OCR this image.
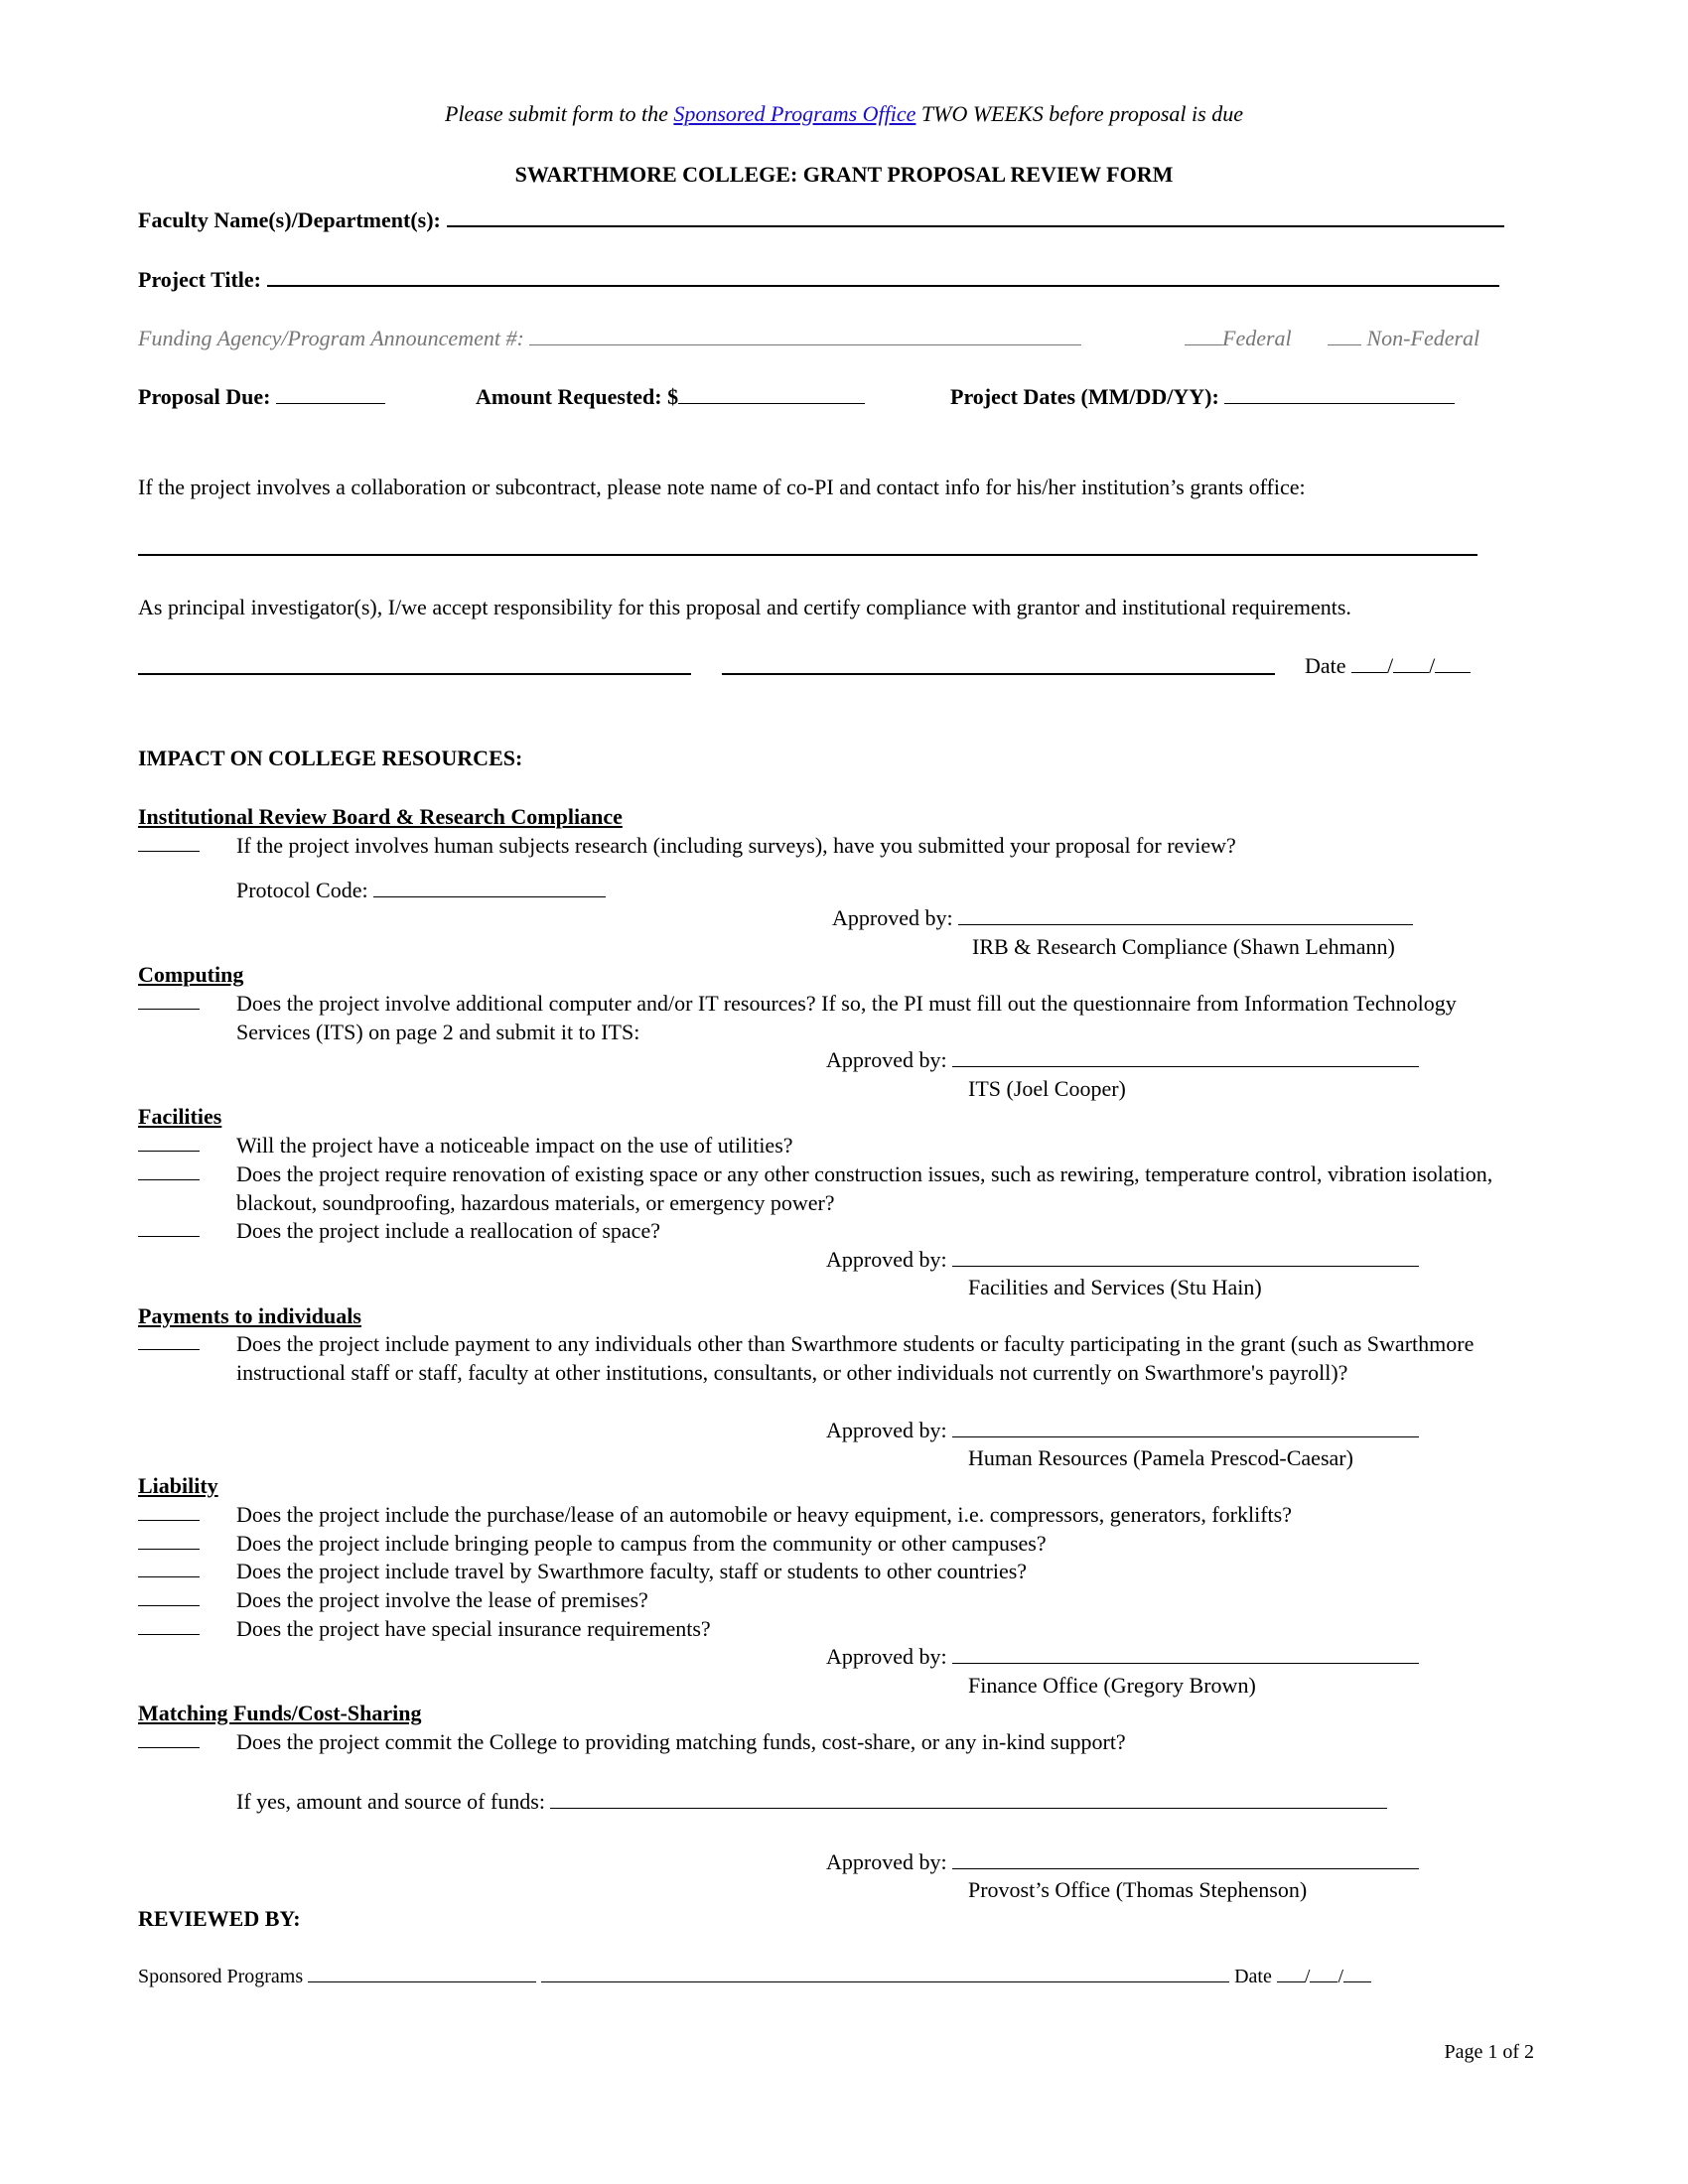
Please submit form to the Sponsored Programs Office TWO WEEKS before proposal is due
SWARTHMORE COLLEGE: GRANT PROPOSAL REVIEW FORM
Faculty Name(s)/Department(s):
Project Title:
Funding Agency/Program Announcement #:	Federal	Non-Federal
Proposal Due:	Amount Requested: $	Project Dates (MM/DD/YY):
If the project involves a collaboration or subcontract, please note name of co-PI and contact info for his/her institution’s grants office:
As principal investigator(s), I/we accept responsibility for this proposal and certify compliance with grantor and institutional requirements.
Date / /
IMPACT ON COLLEGE RESOURCES:
Institutional Review Board & Research Compliance
If the project involves human subjects research (including surveys), have you submitted your proposal for review?
Protocol Code:
Approved by:
IRB & Research Compliance (Shawn Lehmann)
Computing
Does the project involve additional computer and/or IT resources? If so, the PI must fill out the questionnaire from Information Technology Services (ITS) on page 2 and submit it to ITS:
Approved by:
ITS (Joel Cooper)
Facilities
Will the project have a noticeable impact on the use of utilities?
Does the project require renovation of existing space or any other construction issues, such as rewiring, temperature control, vibration isolation, blackout, soundproofing, hazardous materials, or emergency power?
Does the project include a reallocation of space?
Approved by:
Facilities and Services (Stu Hain)
Payments to individuals
Does the project include payment to any individuals other than Swarthmore students or faculty participating in the grant (such as Swarthmore instructional staff or staff, faculty at other institutions, consultants, or other individuals not currently on Swarthmore's payroll)?
Approved by:
Human Resources (Pamela Prescod-Caesar)
Liability
Does the project include the purchase/lease of an automobile or heavy equipment, i.e. compressors, generators, forklifts?
Does the project include bringing people to campus from the community or other campuses?
Does the project include travel by Swarthmore faculty, staff or students to other countries?
Does the project involve the lease of premises?
Does the project have special insurance requirements?
Approved by:
Finance Office (Gregory Brown)
Matching Funds/Cost-Sharing
Does the project commit the College to providing matching funds, cost-share, or any in-kind support?
If yes, amount and source of funds:
Approved by:
Provost’s Office (Thomas Stephenson)
REVIEWED BY:
Sponsored Programs	Date / /
Page 1 of 2
